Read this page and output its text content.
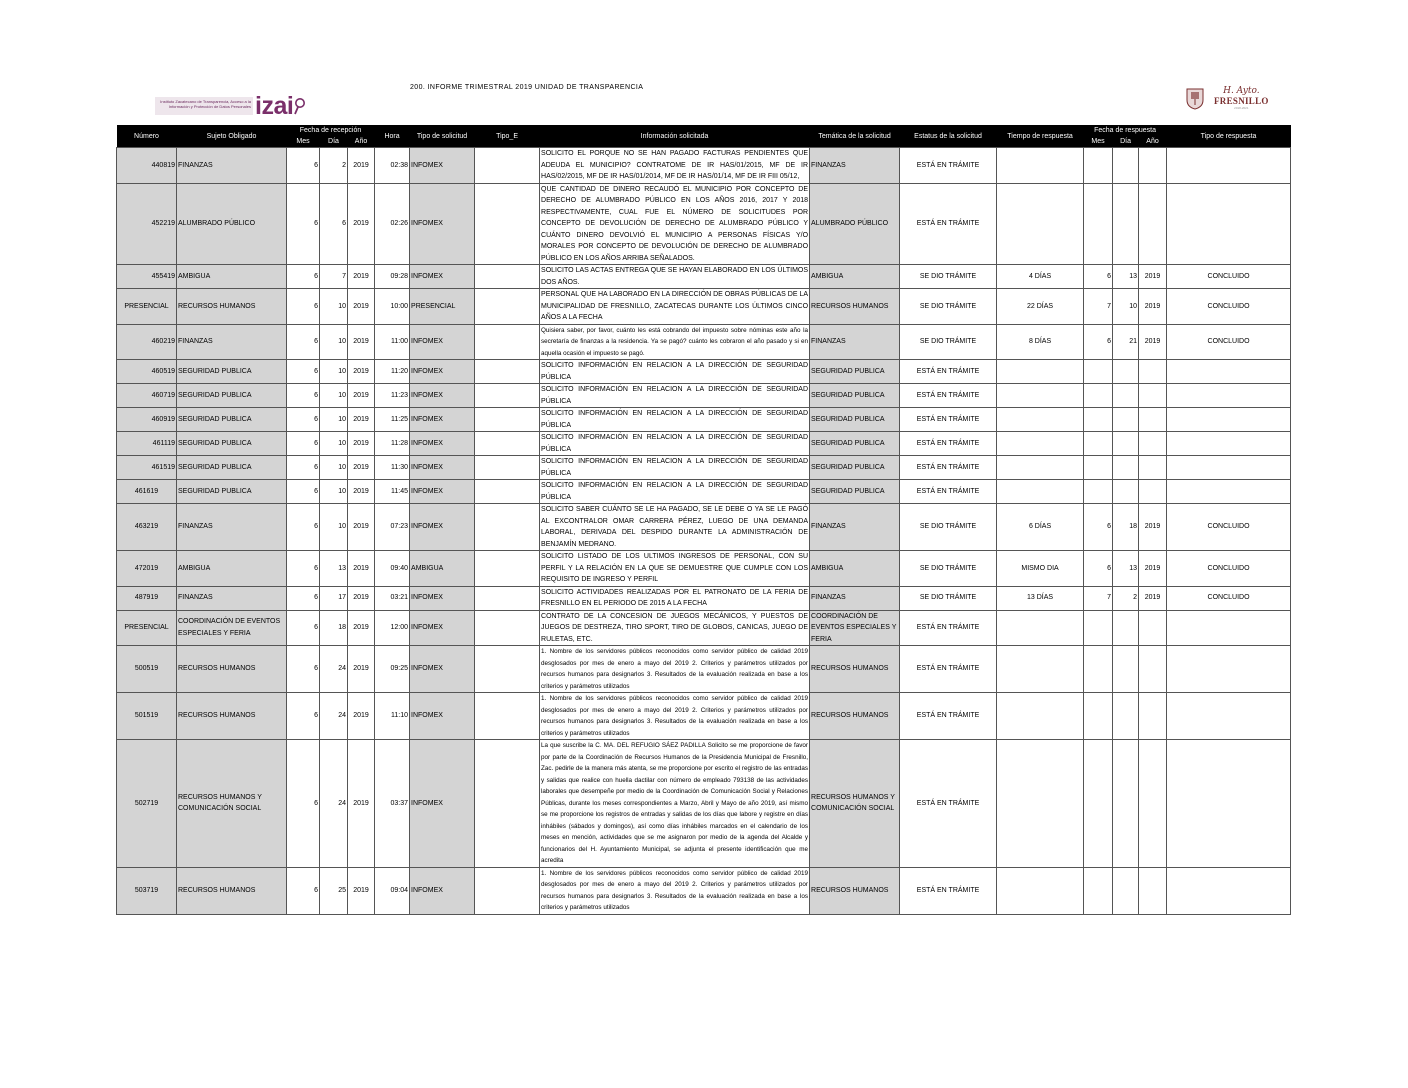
200. INFORME TRIMESTRAL 2019 UNIDAD DE TRANSPARENCIA
Instituto Zacatecano de Transparencia, Acceso a la Información y Protección de Datos Personales izai
H. Ayto.
FRESNILLO
2018-2021
Número	Sujeto Obligado	Fecha de recepción			Hora	Tipo de solicitud	Tipo_E	Información solicitada	Temática de la solicitud	Estatus de la solicitud	Tiempo de respuesta	Fecha de respuesta			Tipo de respuesta
		Mes	Día	Año								Mes	Día	Año	
440819	FINANZAS	6	2	2019	02:38	INFOMEX		SOLICITO EL PORQUE NO SE HAN PAGADO FACTURAS PENDIENTES QUE ADEUDA EL MUNICIPIO? CONTRATOME DE IR HAS/01/2015, MF DE IR HAS/02/2015, MF DE IR HAS/01/2014, MF DE IR HAS/01/14, MF DE IR FIII 05/12,	FINANZAS	ESTÁ EN TRÁMITE					
452219	ALUMBRADO PÚBLICO	6	6	2019	02:26	INFOMEX		QUE CANTIDAD DE DINERO RECAUDÓ EL MUNICIPIO POR CONCEPTO DE DERECHO DE ALUMBRADO PÚBLICO EN LOS AÑOS 2016, 2017 Y 2018 RESPECTIVAMENTE, CUAL FUE EL NÚMERO DE SOLICITUDES POR CONCEPTO DE DEVOLUCIÓN DE DERECHO DE ALUMBRADO PÚBLICO Y CUÁNTO DINERO DEVOLVIÓ EL MUNICIPIO A PERSONAS FÍSICAS Y/O MORALES POR CONCEPTO DE DEVOLUCIÓN DE DERECHO DE ALUMBRADO PÚBLICO EN LOS AÑOS ARRIBA SEÑALADOS.	ALUMBRADO PÚBLICO	ESTÁ EN TRÁMITE					
455419	AMBIGUA	6	7	2019	09:28	INFOMEX		SOLICITO LAS ACTAS ENTREGA QUE SE HAYAN ELABORADO EN LOS ÚLTIMOS DOS AÑOS.	AMBIGUA	SE DIO TRÁMITE	4 DÍAS	6	13	2019	CONCLUIDO
PRESENCIAL	RECURSOS HUMANOS	6	10	2019	10:00	PRESENCIAL		PERSONAL QUE HA LABORADO EN LA DIRECCIÓN DE OBRAS PÚBLICAS DE LA MUNICIPALIDAD DE FRESNILLO, ZACATECAS DURANTE LOS ÚLTIMOS CINCO AÑOS A LA FECHA	RECURSOS HUMANOS	SE DIO TRÁMITE	22 DÍAS	7	10	2019	CONCLUIDO
460219	FINANZAS	6	10	2019	11:00	INFOMEX		Quisiera saber, por favor, cuánto les está cobrando del impuesto sobre nóminas este año la secretaría de finanzas a la residencia. Ya se pagó? cuánto les cobraron el año pasado y si en aquella ocasión el impuesto se pagó.	FINANZAS	SE DIO TRÁMITE	8 DÍAS	6	21	2019	CONCLUIDO
460519	SEGURIDAD PUBLICA	6	10	2019	11:20	INFOMEX		SOLICITO INFORMACIÓN EN RELACION A LA DIRECCIÓN DE SEGURIDAD PÚBLICA	SEGURIDAD PUBLICA	ESTÁ EN TRÁMITE					
460719	SEGURIDAD PUBLICA	6	10	2019	11:23	INFOMEX		SOLICITO INFORMACIÓN EN RELACION A LA DIRECCIÓN DE SEGURIDAD PÚBLICA	SEGURIDAD PUBLICA	ESTÁ EN TRÁMITE					
460919	SEGURIDAD PUBLICA	6	10	2019	11:25	INFOMEX		SOLICITO INFORMACIÓN EN RELACION A LA DIRECCIÓN DE SEGURIDAD PÚBLICA	SEGURIDAD PUBLICA	ESTÁ EN TRÁMITE					
461119	SEGURIDAD PUBLICA	6	10	2019	11:28	INFOMEX		SOLICITO INFORMACIÓN EN RELACION A LA DIRECCIÓN DE SEGURIDAD PÚBLICA	SEGURIDAD PUBLICA	ESTÁ EN TRÁMITE					
461519	SEGURIDAD PUBLICA	6	10	2019	11:30	INFOMEX		SOLICITO INFORMACIÓN EN RELACION A LA DIRECCIÓN DE SEGURIDAD PÚBLICA	SEGURIDAD PUBLICA	ESTÁ EN TRÁMITE					
461619	SEGURIDAD PUBLICA	6	10	2019	11:45	INFOMEX		SOLICITO INFORMACIÓN EN RELACION A LA DIRECCIÓN DE SEGURIDAD PÚBLICA	SEGURIDAD PUBLICA	ESTÁ EN TRÁMITE					
463219	FINANZAS	6	10	2019	07:23	INFOMEX		SOLICITO SABER CUÁNTO SE LE HA PAGADO, SE LE DEBE O YA SE LE PAGÓ AL EXCONTRALOR OMAR CARRERA PÉREZ, LUEGO DE UNA DEMANDA LABORAL, DERIVADA DEL DESPIDO DURANTE LA ADMINISTRACIÓN DE BENJAMÍN MEDRANO.	FINANZAS	SE DIO TRÁMITE	6 DÍAS	6	18	2019	CONCLUIDO
472019	AMBIGUA	6	13	2019	09:40	AMBIGUA		SOLICITO LISTADO DE LOS ULTIMOS INGRESOS DE PERSONAL, CON SU PERFIL Y LA RELACIÓN EN LA QUE SE DEMUESTRE QUE CUMPLE CON LOS REQUISITO DE INGRESO Y PERFIL	AMBIGUA	SE DIO TRÁMITE	MISMO DIA	6	13	2019	CONCLUIDO
487919	FINANZAS	6	17	2019	03:21	INFOMEX		SOLICITO ACTIVIDADES REALIZADAS POR EL PATRONATO DE LA FERIA DE FRESNILLO EN EL PERIODO DE 2015 A LA FECHA	FINANZAS	SE DIO TRÁMITE	13 DÍAS	7	2	2019	CONCLUIDO
PRESENCIAL	COORDINACIÓN DE EVENTOS ESPECIALES Y FERIA	6	18	2019	12:00	INFOMEX		CONTRATO DE LA CONCESION DE JUEGOS MECÁNICOS, Y PUESTOS DE JUEGOS DE DESTREZA, TIRO SPORT, TIRO DE GLOBOS, CANICAS, JUEGO DE RULETAS, ETC.	COORDINACIÓN DE EVENTOS ESPECIALES Y FERIA	ESTÁ EN TRÁMITE					
500519	RECURSOS HUMANOS	6	24	2019	09:25	INFOMEX		1. Nombre de los servidores públicos reconocidos como servidor público de calidad 2019 desglosados por mes de enero a mayo del 2019 2. Criterios y parámetros utilizados por recursos humanos para designarlos 3. Resultados de la evaluación realizada en base a los criterios y parámetros utilizados	RECURSOS HUMANOS	ESTÁ EN TRÁMITE					
501519	RECURSOS HUMANOS	6	24	2019	11:10	INFOMEX		1. Nombre de los servidores públicos reconocidos como servidor público de calidad 2019 desglosados por mes de enero a mayo del 2019 2. Criterios y parámetros utilizados por recursos humanos para designarlos 3. Resultados de la evaluación realizada en base a los criterios y parámetros utilizados	RECURSOS HUMANOS	ESTÁ EN TRÁMITE					
502719	RECURSOS HUMANOS Y COMUNICACIÓN SOCIAL	6	24	2019	03:37	INFOMEX		La que suscribe la C. MA. DEL REFUGIO SÁEZ PADILLA Solicito se me proporcione de favor por parte de la Coordinación de Recursos Humanos de la Presidencia Municipal de Fresnillo, Zac. pedirle de la manera más atenta, se me proporcione por escrito el registro de las entradas y salidas que realice con huella dactilar con número de empleado 793138 de las actividades laborales que desempeñe por medio de la Coordinación de Comunicación Social y Relaciones Públicas, durante los meses correspondientes a Marzo, Abril y Mayo de año 2019, así mismo se me proporcione los registros de entradas y salidas de los días que labore y registre en días inhábiles (sábados y domingos), así como días inhábiles marcados en el calendario de los meses en mención, actividades que se me asignaron por medio de la agenda del Alcalde y funcionarios del H. Ayuntamiento Municipal, se adjunta el presente identificación que me acredita	RECURSOS HUMANOS Y COMUNICACIÓN SOCIAL	ESTÁ EN TRÁMITE					
503719	RECURSOS HUMANOS	6	25	2019	09:04	INFOMEX		1. Nombre de los servidores públicos reconocidos como servidor público de calidad 2019 desglosados por mes de enero a mayo del 2019 2. Criterios y parámetros utilizados por recursos humanos para designarlos 3. Resultados de la evaluación realizada en base a los criterios y parámetros utilizados	RECURSOS HUMANOS	ESTÁ EN TRÁMITE					
